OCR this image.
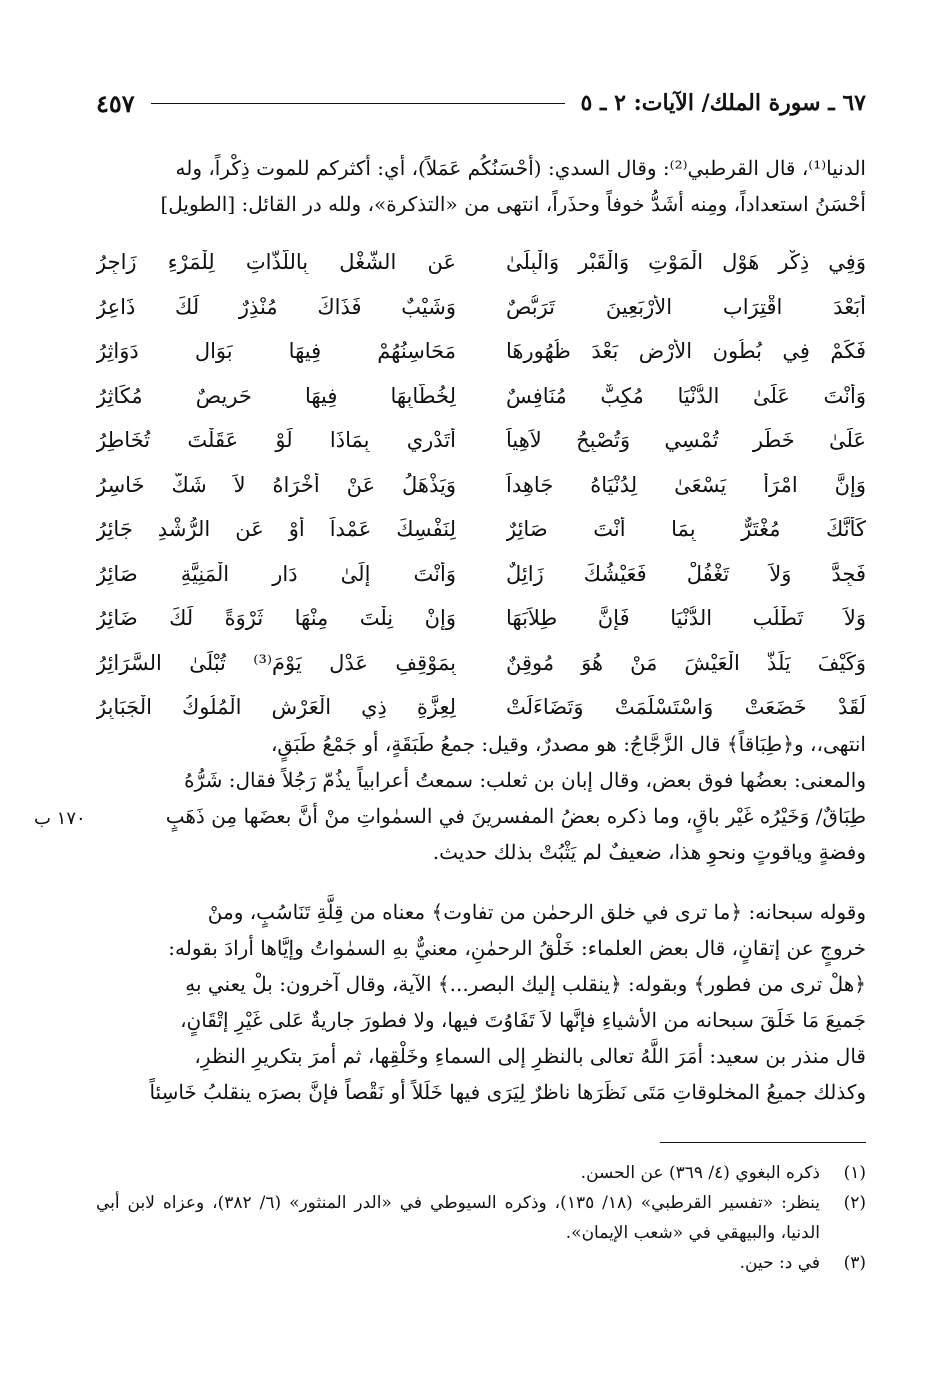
٦٧ ـ سورة الملك/ الآيات: ٢ ـ ٥
٤٥٧
الدنيا⁽¹⁾، قال القرطبي⁽²⁾: وقال السدي: (أحْسَنُكُم عَمَلاً)، أي: أكثركم للموت ذِكْراً، وله
أحْسَنُ استعداداً، ومِنه أشَدُّ خوفاً وحذَراً، انتهى من «التذكرة»، ولله در القائل: [الطويل]
وَفِي ذِكْرِ هَوْلِ الْمَوْتِ وَالْقَبْرِ وَالْبِلَىٰ
عَنِ الشُّغْلِ بِاللَّذَّاتِ لِلْمَرْءِ زَاجِرُ
أَبَعْدَ اقْتِرَابِ الأَرْبَعِينَ تَرَبُّصٌ
وَشَيْبٌ فَذَاكَ مُنْذِرٌ لَكَ ذَاعِرُ
فَكَمْ فِي بُطُونِ الأَرْضِ بَعْدَ ظُهُورِهَا
مَحَاسِنُهُمْ فِيهَا بَوَالٍ دَوَاثِرُ
وَأَنْتَ عَلَىٰ الدُّنْيَا مُكِبٌّ مُنَافِسٌ
لِخُطَّابِهَا فِيهَا حَرِيصٌ مُكَاثِرُ
عَلَىٰ خَطَرٍ تُمْسِي وَتُصْبِحُ لاَهِياً
أَتَدْرِي بِمَاذَا لَوْ عَقَلْتَ تُخَاطِرُ
وَإِنَّ امْرَأً يَسْعَىٰ لِدُنْيَاهُ جَاهِداً
وَيَذْهَلُ عَنْ أُخْرَاهُ لاَ شَكَّ خَاسِرُ
كَأَنَّكَ مُغْتَرٌّ بِمَا أَنْتَ صَائِرٌ
لِنَفْسِكَ عَمْداً أَوْ عَنِ الرُّشْدِ جَائِرُ
فَجِدَّ وَلاَ تَغْفُلْ فَعَيْشُكَ زَائِلٌ
وَأَنْتَ إِلَىٰ دَارِ الْمَنِيَّةِ صَائِرُ
وَلاَ تَطْلُبِ الدُّنْيَا فَإِنَّ طِلاَبَهَا
وَإِنْ نِلْتَ مِنْهَا ثَرْوَةً لَكَ ضَائِرُ
وَكَيْفَ يَلَذُّ الْعَيْشَ مَنْ هُوَ مُوقِنٌ
بِمَوْقِفِ عَدْلٍ يَوْمَ⁽³⁾ تُبْلَىٰ السَّرَائِرُ
لَقَدْ خَضَعَتْ وَاسْتَسْلَمَتْ وَتَضَاءَلَتْ
لِعِزَّةِ ذِي الْعَرْشِ الْمُلُوكُ الْجَبَابِرُ
انتهى،، و﴿طِبَاقاً﴾ قال الزَّجَّاجُ: هو مصدرٌ، وقيل: جمعُ طَبَقَةٍ، أو جَمْعُ طَبَقٍ،
والمعنى: بعضُها فوق بعض، وقال إبان بن ثعلب: سمعتُ أعرابياً يذُمّ رَجُلاً فقال: شَرُّهُ
طِبَاقٌ/ وَخَيْرُه غَيْر باقٍ، وما ذكره بعضُ المفسرينَ في السمٰواتِ منْ أنَّ بعضَها مِن ذَهَبٍ
وفضةٍ وياقوتٍ ونحوِ هذا، ضعيفٌ لم يَثْبُتْ بذلك حديث.
١٧٠ ب
وقوله سبحانه: ﴿ما ترى في خلق الرحمٰن من تفاوت﴾ معناه من قِلَّةِ تَنَاسُبٍ، ومنْ
خروجٍ عن إتقانٍ، قال بعض العلماء: خَلْقُ الرحمٰنِ، معنيٌّ بهِ السمٰواتُ وإيَّاها أرادَ بقوله:
﴿هلْ ترى من فطور﴾ وبقوله: ﴿ينقلب إليك البصر...﴾ الآية، وقال آخرون: بلْ يعني بهِ
جَميعَ مَا خَلَقَ سبحانه من الأشياءِ فإنَّها لاَ تَفَاوُتَ فيها، ولا فطورَ جاريةٌ عَلى غَيْرِ إتْقَانٍ،
قال منذر بن سعيد: أمَرَ اللَّهُ تعالى بالنظرِ إلى السماءِ وخَلْقِها، ثم أمرَ بتكريرِ النظرِ،
وكذلك جميعُ المخلوقاتِ مَتَى نَظَرَها ناظرٌ لِيَرَى فيها خَلَلاً أو نَقْصاً فإنَّ بصرَه ينقلبُ خَاسِئاً
(١)
ذكره البغوي (٤/ ٣٦٩) عن الحسن.
(٢)
ينظر: «تفسير القرطبي» (١٨/ ١٣٥)، وذكره السيوطي في «الدر المنثور» (٦/ ٣٨٢)، وعزاه لابن أبي الدنيا، والبيهقي في «شعب الإيمان».
(٣)
في د: حين.
